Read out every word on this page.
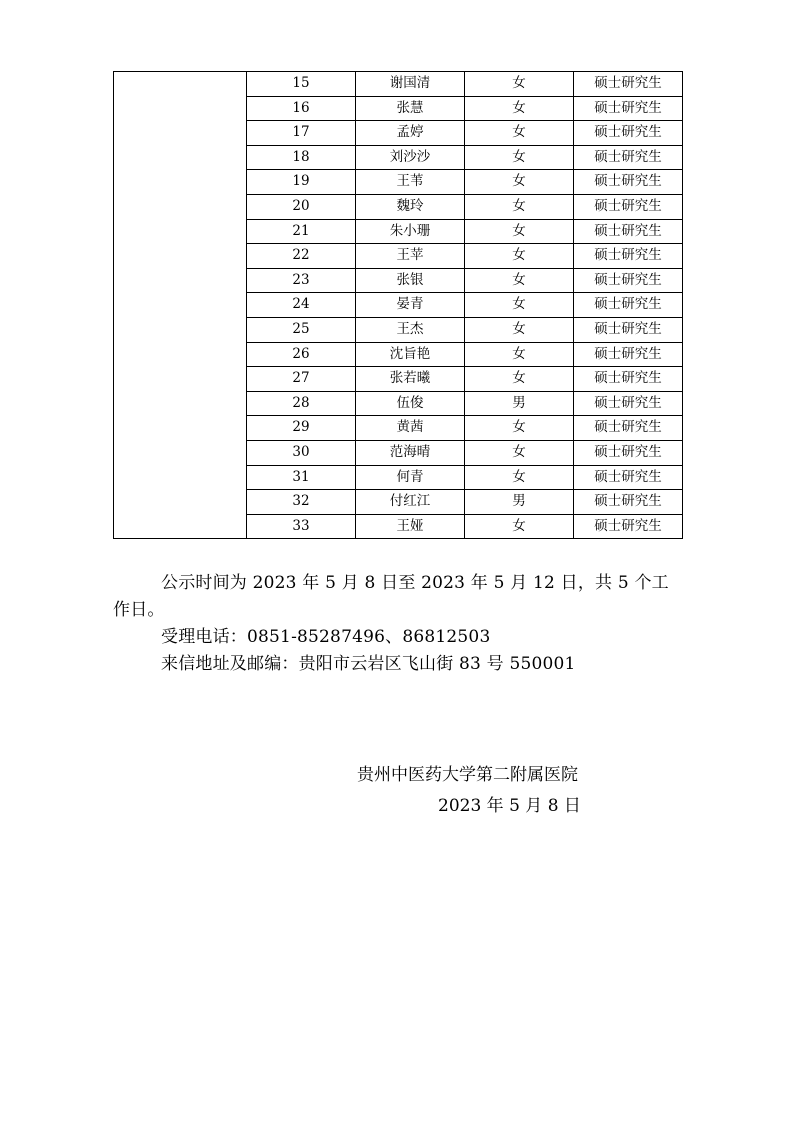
	15	谢国清	女	硕士研究生
	16	张慧	女	硕士研究生
	17	孟婷	女	硕士研究生
	18	刘沙沙	女	硕士研究生
	19	王苇	女	硕士研究生
	20	魏玲	女	硕士研究生
	21	朱小珊	女	硕士研究生
	22	王苹	女	硕士研究生
	23	张银	女	硕士研究生
	24	晏青	女	硕士研究生
	25	王杰	女	硕士研究生
	26	沈旨艳	女	硕士研究生
	27	张若曦	女	硕士研究生
	28	伍俊	男	硕士研究生
	29	黄茜	女	硕士研究生
	30	范海晴	女	硕士研究生
	31	何青	女	硕士研究生
	32	付红江	男	硕士研究生
	33	王娅	女	硕士研究生
公示时间为 2023 年 5 月 8 日至 2023 年 5 月 12 日，共 5 个工作日。
受理电话：0851-85287496、86812503
来信地址及邮编：贵阳市云岩区飞山街 83 号 550001
贵州中医药大学第二附属医院
2023 年 5 月 8 日
